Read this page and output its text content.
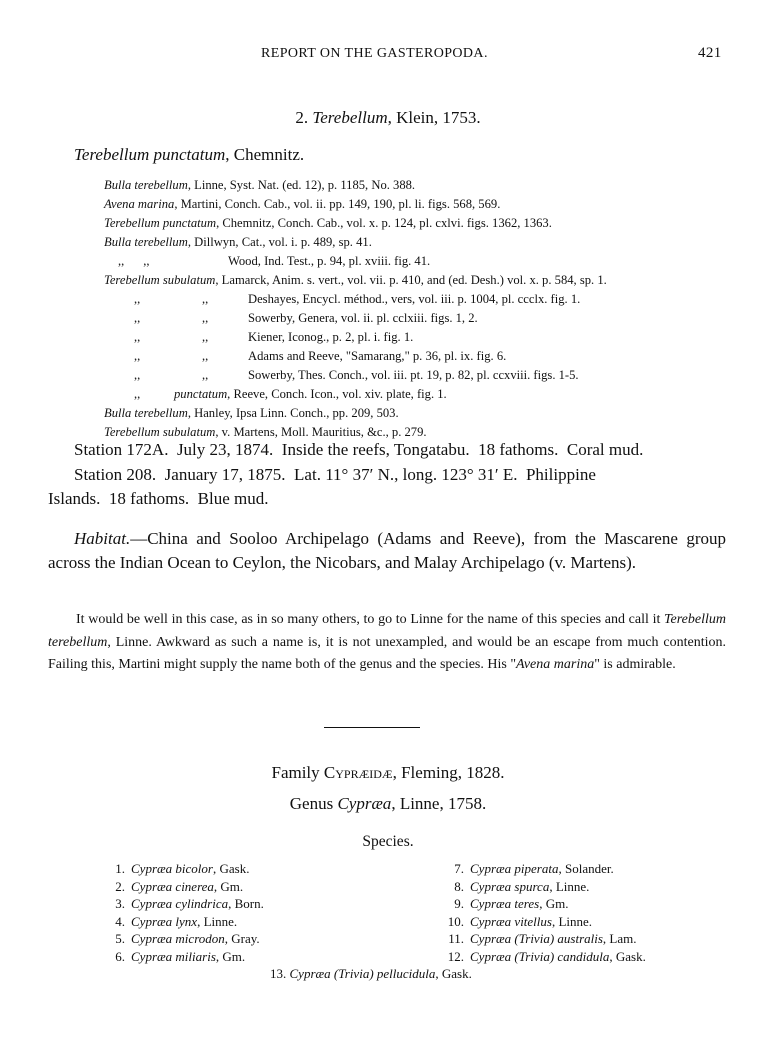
REPORT ON THE GASTEROPODA.	421
2. Terebellum, Klein, 1753.
Terebellum punctatum, Chemnitz.
Bulla terebellum, Linne, Syst. Nat. (ed. 12), p. 1185, No. 388.
Avena marina, Martini, Conch. Cab., vol. ii. pp. 149, 190, pl. li. figs. 568, 569.
Terebellum punctatum, Chemnitz, Conch. Cab., vol. x. p. 124, pl. cxlvi. figs. 1362, 1363.
Bulla terebellum, Dillwyn, Cat., vol. i. p. 489, sp. 41.
,,      ,,	Wood, Ind. Test., p. 94, pl. xviii. fig. 41.
Terebellum subulatum, Lamarck, Anim. s. vert., vol. vii. p. 410, and (ed. Desh.) vol. x. p. 584, sp. 1.
,,	,,	Deshayes, Encycl. méthod., vers, vol. iii. p. 1004, pl. ccclx. fig. 1.
,,	,,	Sowerby, Genera, vol. ii. pl. cclxiii. figs. 1, 2.
,,	,,	Kiener, Iconog., p. 2, pl. i. fig. 1.
,,	,,	Adams and Reeve, "Samarang," p. 36, pl. ix. fig. 6.
,,	,,	Sowerby, Thes. Conch., vol. iii. pt. 19, p. 82, pl. ccxviii. figs. 1-5.
,,	punctatum, Reeve, Conch. Icon., vol. xiv. plate, fig. 1.
Bulla terebellum, Hanley, Ipsa Linn. Conch., pp. 209, 503.
Terebellum subulatum, v. Martens, Moll. Mauritius, &c., p. 279.
Station 172A.  July 23, 1874.  Inside the reefs, Tongatabu.  18 fathoms.  Coral mud.
Station 208.  January 17, 1875.  Lat. 11° 37′ N., long. 123° 31′ E.  Philippine
Islands.  18 fathoms.  Blue mud.
Habitat.—China and Sooloo Archipelago (Adams and Reeve), from the Mascarene group across the Indian Ocean to Ceylon, the Nicobars, and Malay Archipelago (v. Martens).
It would be well in this case, as in so many others, to go to Linne for the name of this species and call it Terebellum terebellum, Linne. Awkward as such a name is, it is not unexampled, and would be an escape from much contention. Failing this, Martini might supply the name both of the genus and the species. His "Avena marina" is admirable.
Family Cypræidæ, Fleming, 1828.
Genus Cypræa, Linne, 1758.
Species.
1. Cypræa bicolor, Gask.
2. Cypræa cinerea, Gm.
3. Cypræa cylindrica, Born.
4. Cypræa lynx, Linne.
5. Cypræa microdon, Gray.
6. Cypræa miliaris, Gm.
7. Cypræa piperata, Solander.
8. Cypræa spurca, Linne.
9. Cypræa teres, Gm.
10. Cypræa vitellus, Linne.
11. Cypræa (Trivia) australis, Lam.
12. Cypræa (Trivia) candidula, Gask.
13. Cypræa (Trivia) pellucidula, Gask.
